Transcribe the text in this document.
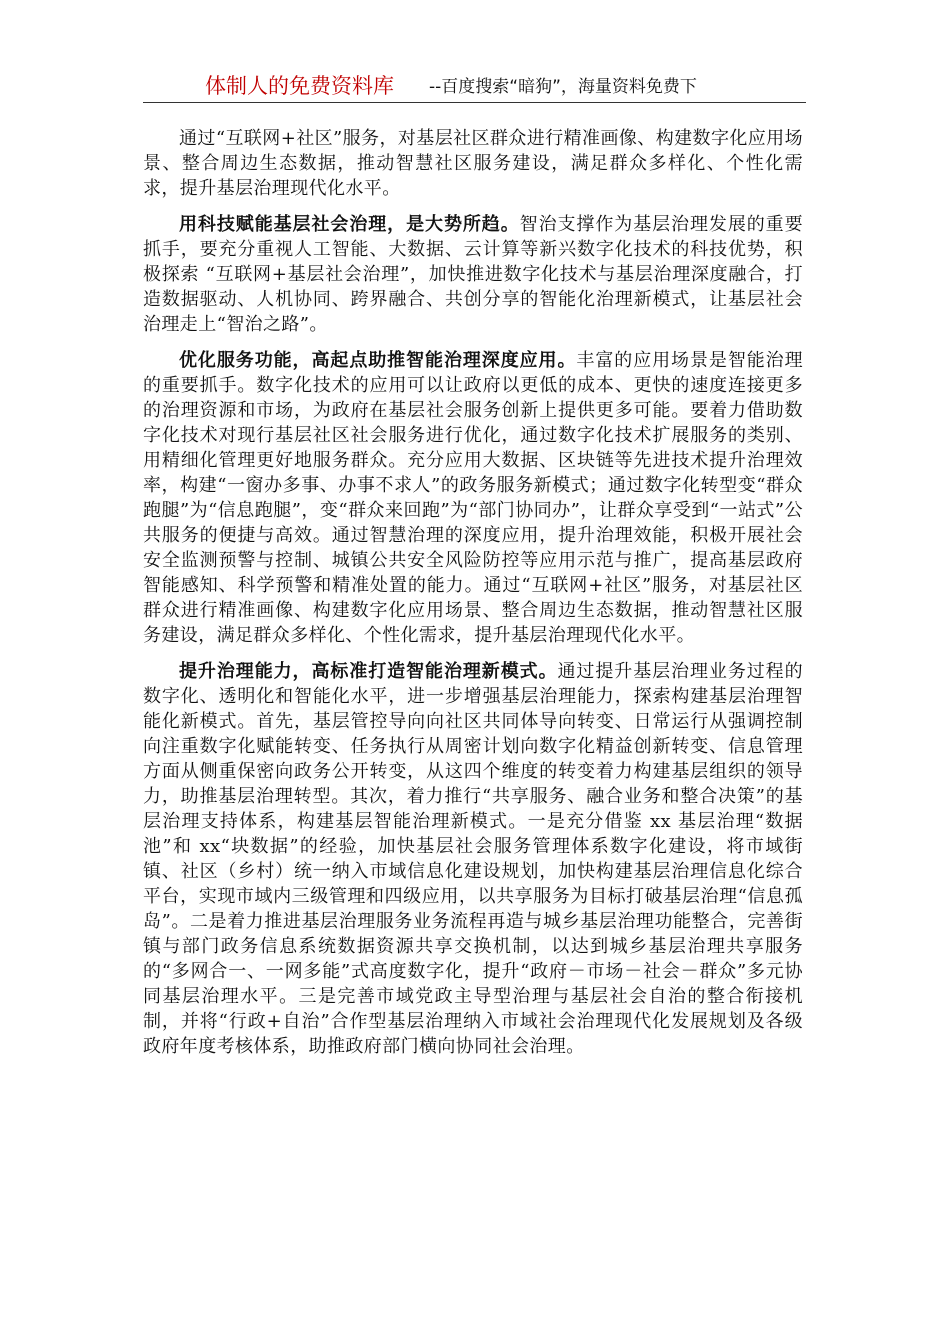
体制人的免费资料库 --百度搜索“暗狗”，海量资料免费下

通过“互联网+社区”服务，对基层社区群众进行精准画像、构建数字化应用场景、整合周边生态数据，推动智慧社区服务建设，满足群众多样化、个性化需求，提升基层治理现代化水平。

用科技赋能基层社会治理，是大势所趋。智治支撑作为基层治理发展的重要抓手，要充分重视人工智能、大数据、云计算等新兴数字化技术的科技优势，积极探索 “互联网+基层社会治理”，加快推进数字化技术与基层治理深度融合，打造数据驱动、人机协同、跨界融合、共创分享的智能化治理新模式，让基层社会治理走上“智治之路”。

优化服务功能，高起点助推智能治理深度应用。丰富的应用场景是智能治理的重要抓手。数字化技术的应用可以让政府以更低的成本、更快的速度连接更多的治理资源和市场，为政府在基层社会服务创新上提供更多可能。要着力借助数字化技术对现行基层社区社会服务进行优化，通过数字化技术扩展服务的类别、用精细化管理更好地服务群众。充分应用大数据、区块链等先进技术提升治理效率，构建“一窗办多事、办事不求人”的政务服务新模式；通过数字化转型变“群众跑腿”为“信息跑腿”，变“群众来回跑”为“部门协同办”，让群众享受到“一站式”公共服务的便捷与高效。通过智慧治理的深度应用，提升治理效能，积极开展社会安全监测预警与控制、城镇公共安全风险防控等应用示范与推广，提高基层政府智能感知、科学预警和精准处置的能力。通过“互联网+社区”服务，对基层社区群众进行精准画像、构建数字化应用场景、整合周边生态数据，推动智慧社区服务建设，满足群众多样化、个性化需求，提升基层治理现代化水平。

提升治理能力，高标准打造智能治理新模式。通过提升基层治理业务过程的数字化、透明化和智能化水平，进一步增强基层治理能力，探索构建基层治理智能化新模式。首先，基层管控导向向社区共同体导向转变、日常运行从强调控制向注重数字化赋能转变、任务执行从周密计划向数字化精益创新转变、信息管理方面从侧重保密向政务公开转变，从这四个维度的转变着力构建基层组织的领导力，助推基层治理转型。其次，着力推行“共享服务、融合业务和整合决策”的基层治理支持体系，构建基层智能治理新模式。一是充分借鉴 xx 基层治理“数据池”和 xx“块数据”的经验，加快基层社会服务管理体系数字化建设，将市域街镇、社区（乡村）统一纳入市域信息化建设规划，加快构建基层治理信息化综合平台，实现市域内三级管理和四级应用，以共享服务为目标打破基层治理“信息孤岛”。二是着力推进基层治理服务业务流程再造与城乡基层治理功能整合，完善街镇与部门政务信息系统数据资源共享交换机制，以达到城乡基层治理共享服务的“多网合一、一网多能”式高度数字化，提升“政府－市场－社会－群众”多元协同基层治理水平。三是完善市域党政主导型治理与基层社会自治的整合衔接机制，并将“行政+自治”合作型基层治理纳入市域社会治理现代化发展规划及各级政府年度考核体系，助推政府部门横向协同社会治理。
